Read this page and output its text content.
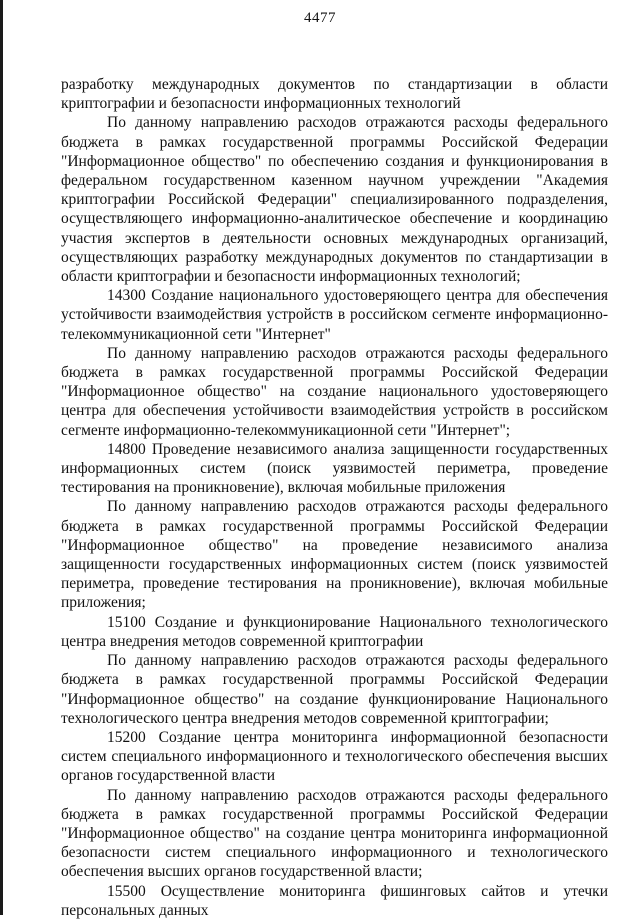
4477

разработку международных документов по стандартизации в области криптографии и безопасности информационных технологий

По данному направлению расходов отражаются расходы федерального бюджета в рамках государственной программы Российской Федерации "Информационное общество" по обеспечению создания и функционирования в федеральном государственном казенном научном учреждении "Академия криптографии Российской Федерации" специализированного подразделения, осуществляющего информационно-аналитическое обеспечение и координацию участия экспертов в деятельности основных международных организаций, осуществляющих разработку международных документов по стандартизации в области криптографии и безопасности информационных технологий;

14300 Создание национального удостоверяющего центра для обеспечения устойчивости взаимодействия устройств в российском сегменте информационно-телекоммуникационной сети "Интернет"

По данному направлению расходов отражаются расходы федерального бюджета в рамках государственной программы Российской Федерации "Информационное общество" на создание национального удостоверяющего центра для обеспечения устойчивости взаимодействия устройств в российском сегменте информационно-телекоммуникационной сети "Интернет";

14800 Проведение независимого анализа защищенности государственных информационных систем (поиск уязвимостей периметра, проведение тестирования на проникновение), включая мобильные приложения

По данному направлению расходов отражаются расходы федерального бюджета в рамках государственной программы Российской Федерации "Информационное общество" на проведение независимого анализа защищенности государственных информационных систем (поиск уязвимостей периметра, проведение тестирования на проникновение), включая мобильные приложения;

15100 Создание и функционирование Национального технологического центра внедрения методов современной криптографии

По данному направлению расходов отражаются расходы федерального бюджета в рамках государственной программы Российской Федерации "Информационное общество" на создание функционирование Национального технологического центра внедрения методов современной криптографии;

15200 Создание центра мониторинга информационной безопасности систем специального информационного и технологического обеспечения высших органов государственной власти

По данному направлению расходов отражаются расходы федерального бюджета в рамках государственной программы Российской Федерации "Информационное общество" на создание центра мониторинга информационной безопасности систем специального информационного и технологического обеспечения высших органов государственной власти;

15500 Осуществление мониторинга фишинговых сайтов и утечки персональных данных
